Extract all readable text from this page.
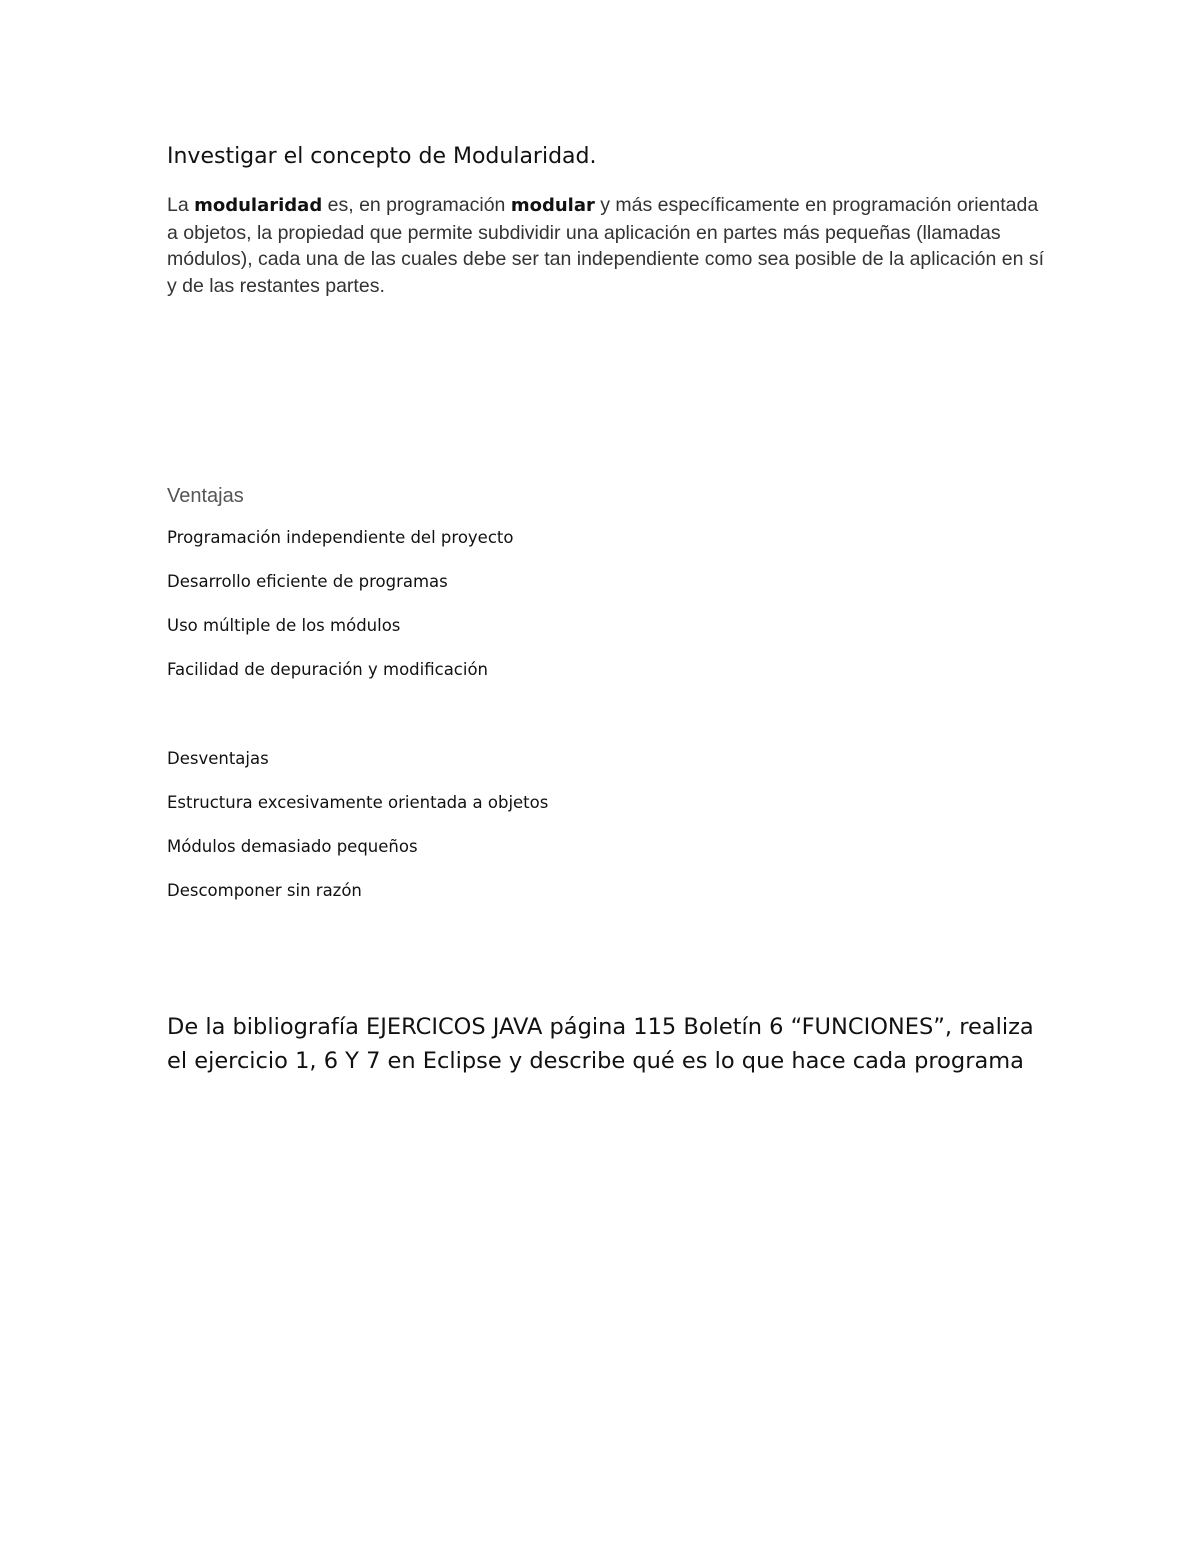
Investigar el concepto de Modularidad.
La modularidad es, en programación modular y más específicamente en programación orientada a objetos, la propiedad que permite subdividir una aplicación en partes más pequeñas (llamadas módulos), cada una de las cuales debe ser tan independiente como sea posible de la aplicación en sí y de las restantes partes.
Ventajas
Programación independiente del proyecto
Desarrollo eficiente de programas
Uso múltiple de los módulos
Facilidad de depuración y modificación
Desventajas
Estructura excesivamente orientada a objetos
Módulos demasiado pequeños
Descomponer sin razón
De la bibliografía EJERCICOS JAVA página 115 Boletín 6 “FUNCIONES”, realiza el ejercicio 1, 6 Y 7 en Eclipse y describe qué es lo que hace cada programa
